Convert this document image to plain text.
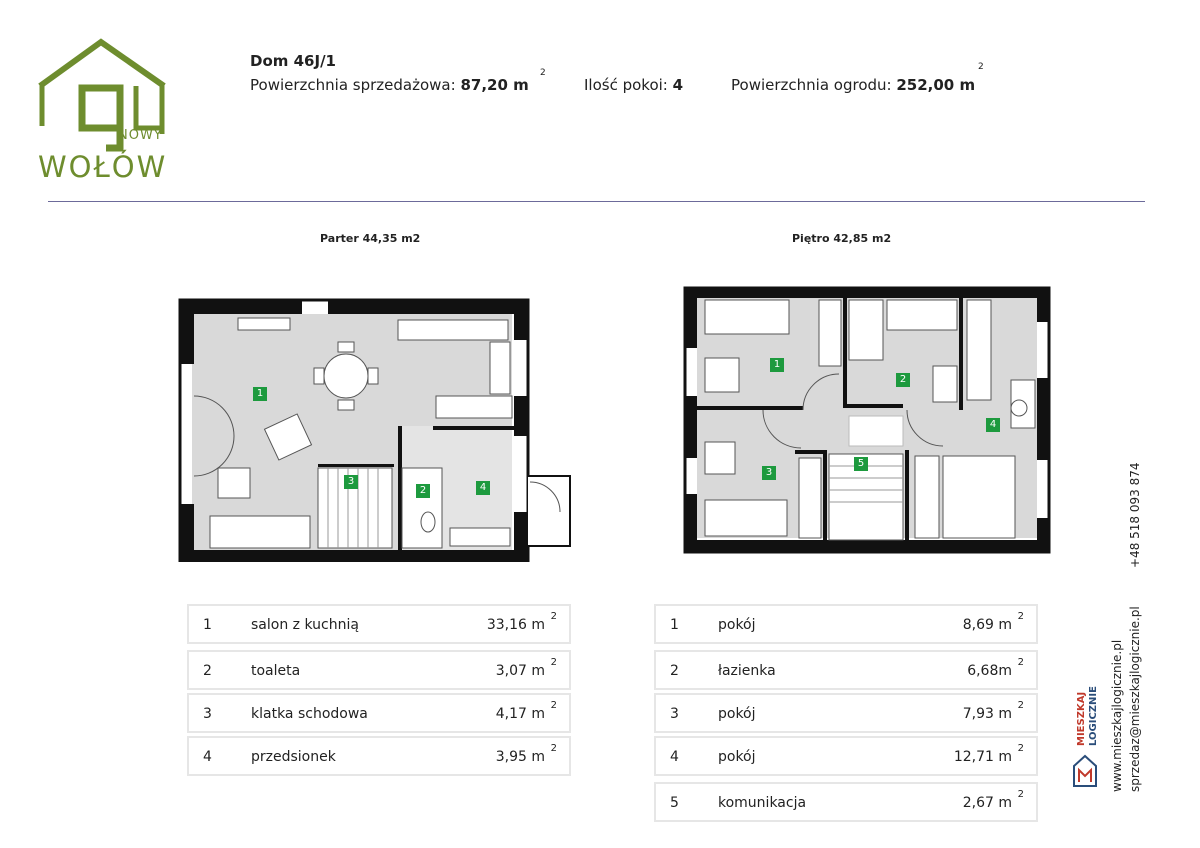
NOWY
WOŁÓW
Dom 46J/1
Powierzchnia sprzedażowa: 87,20 m
2
Ilość pokoi: 4	Powierzchnia ogrodu: 252,00 m
2
Parter 44,35 m2	Piętro 42,85 m2
1
2
3
4
1
2
3
4
5
1	salon z kuchnią	33,16 m
2
2	toaleta	3,07 m
2
3	klatka schodowa	4,17 m
2
4	przedsionek	3,95 m
2
1	pokój	8,69 m
2
2	łazienka	6,68m
2
3	pokój	7,93 m
2
4	pokój	12,71 m
2
5	komunikacja	2,67 m
2
MIESZKAJ LOGICZNIE www.mieszkajlogicznie.pl sprzedaz@mieszkajlogicznie.pl
+48 518 093 874
